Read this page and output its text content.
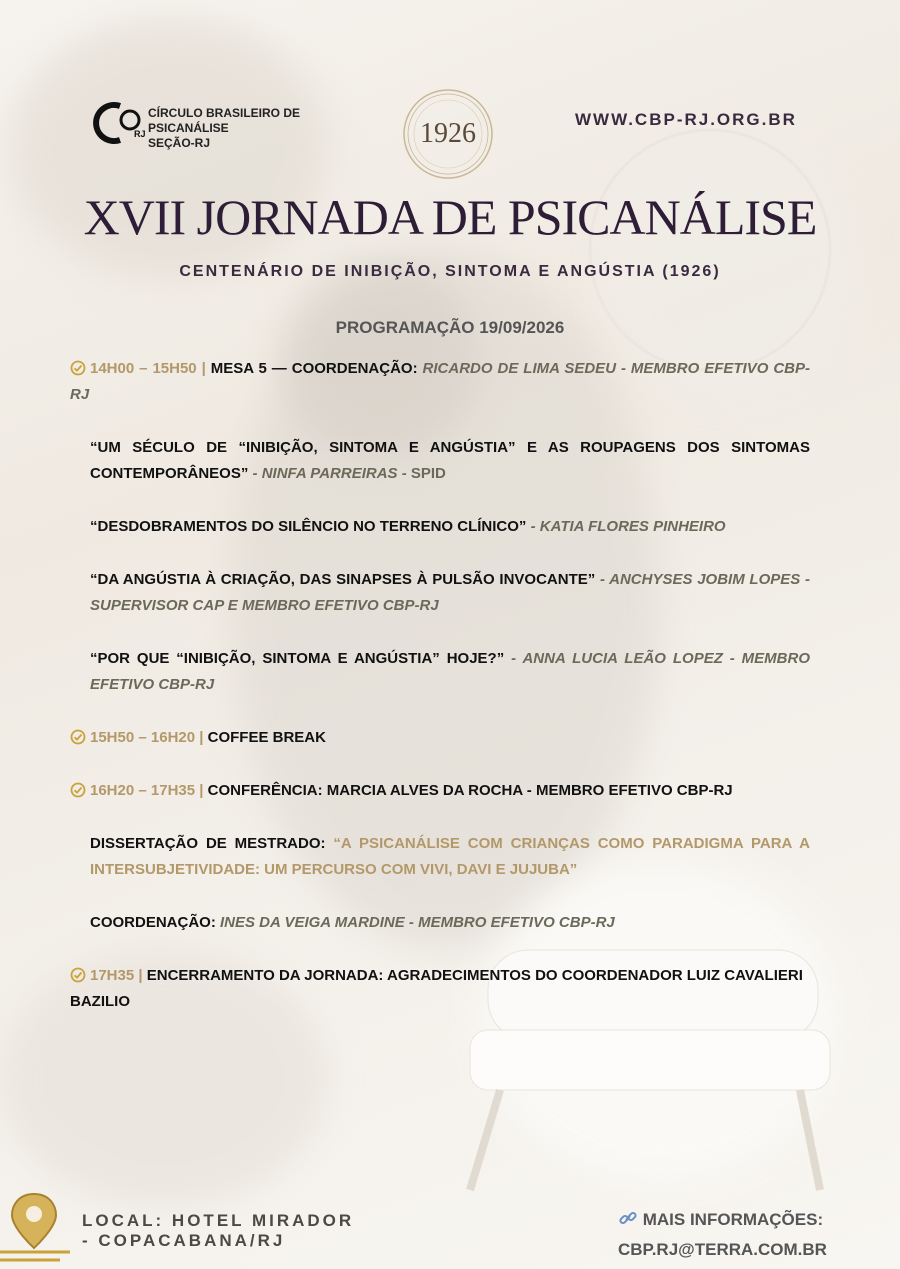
RJ
CÍRCULO BRASILEIRO DE PSICANÁLISE
SEÇÃO-RJ	1926	WWW.CBP-RJ.ORG.BR
XVII JORNADA DE PSICANÁLISE
CENTENÁRIO DE INIBIÇÃO, SINTOMA E ANGÚSTIA (1926)
PROGRAMAÇÃO 19/09/2026
14H00 – 15H50 | MESA 5 — COORDENAÇÃO: RICARDO DE LIMA SEDEU - MEMBRO EFETIVO CBP-RJ
“UM SÉCULO DE “INIBIÇÃO, SINTOMA E ANGÚSTIA” E AS ROUPAGENS DOS SINTOMAS CONTEMPORÂNEOS” - NINFA PARREIRAS - SPID
“DESDOBRAMENTOS DO SILÊNCIO NO TERRENO CLÍNICO” - KATIA FLORES PINHEIRO
“DA ANGÚSTIA À CRIAÇÃO, DAS SINAPSES À PULSÃO INVOCANTE” - ANCHYSES JOBIM LOPES - SUPERVISOR CAP E MEMBRO EFETIVO CBP-RJ
“POR QUE “INIBIÇÃO, SINTOMA E ANGÚSTIA” HOJE?” - ANNA LUCIA LEÃO LOPEZ - MEMBRO EFETIVO CBP-RJ
15H50 – 16H20 | COFFEE BREAK
16H20 – 17H35 | CONFERÊNCIA: MARCIA ALVES DA ROCHA - MEMBRO EFETIVO CBP-RJ
DISSERTAÇÃO DE MESTRADO: “A PSICANÁLISE COM CRIANÇAS COMO PARADIGMA PARA A INTERSUBJETIVIDADE: UM PERCURSO COM VIVI, DAVI E JUJUBA”
COORDENAÇÃO: INES DA VEIGA MARDINE - MEMBRO EFETIVO CBP-RJ
17H35 | ENCERRAMENTO DA JORNADA: AGRADECIMENTOS DO COORDENADOR LUIZ CAVALIERI BAZILIO
LOCAL: HOTEL MIRADOR
- COPACABANA/RJ
MAIS INFORMAÇÕES:
CBP.RJ@TERRA.COM.BR
